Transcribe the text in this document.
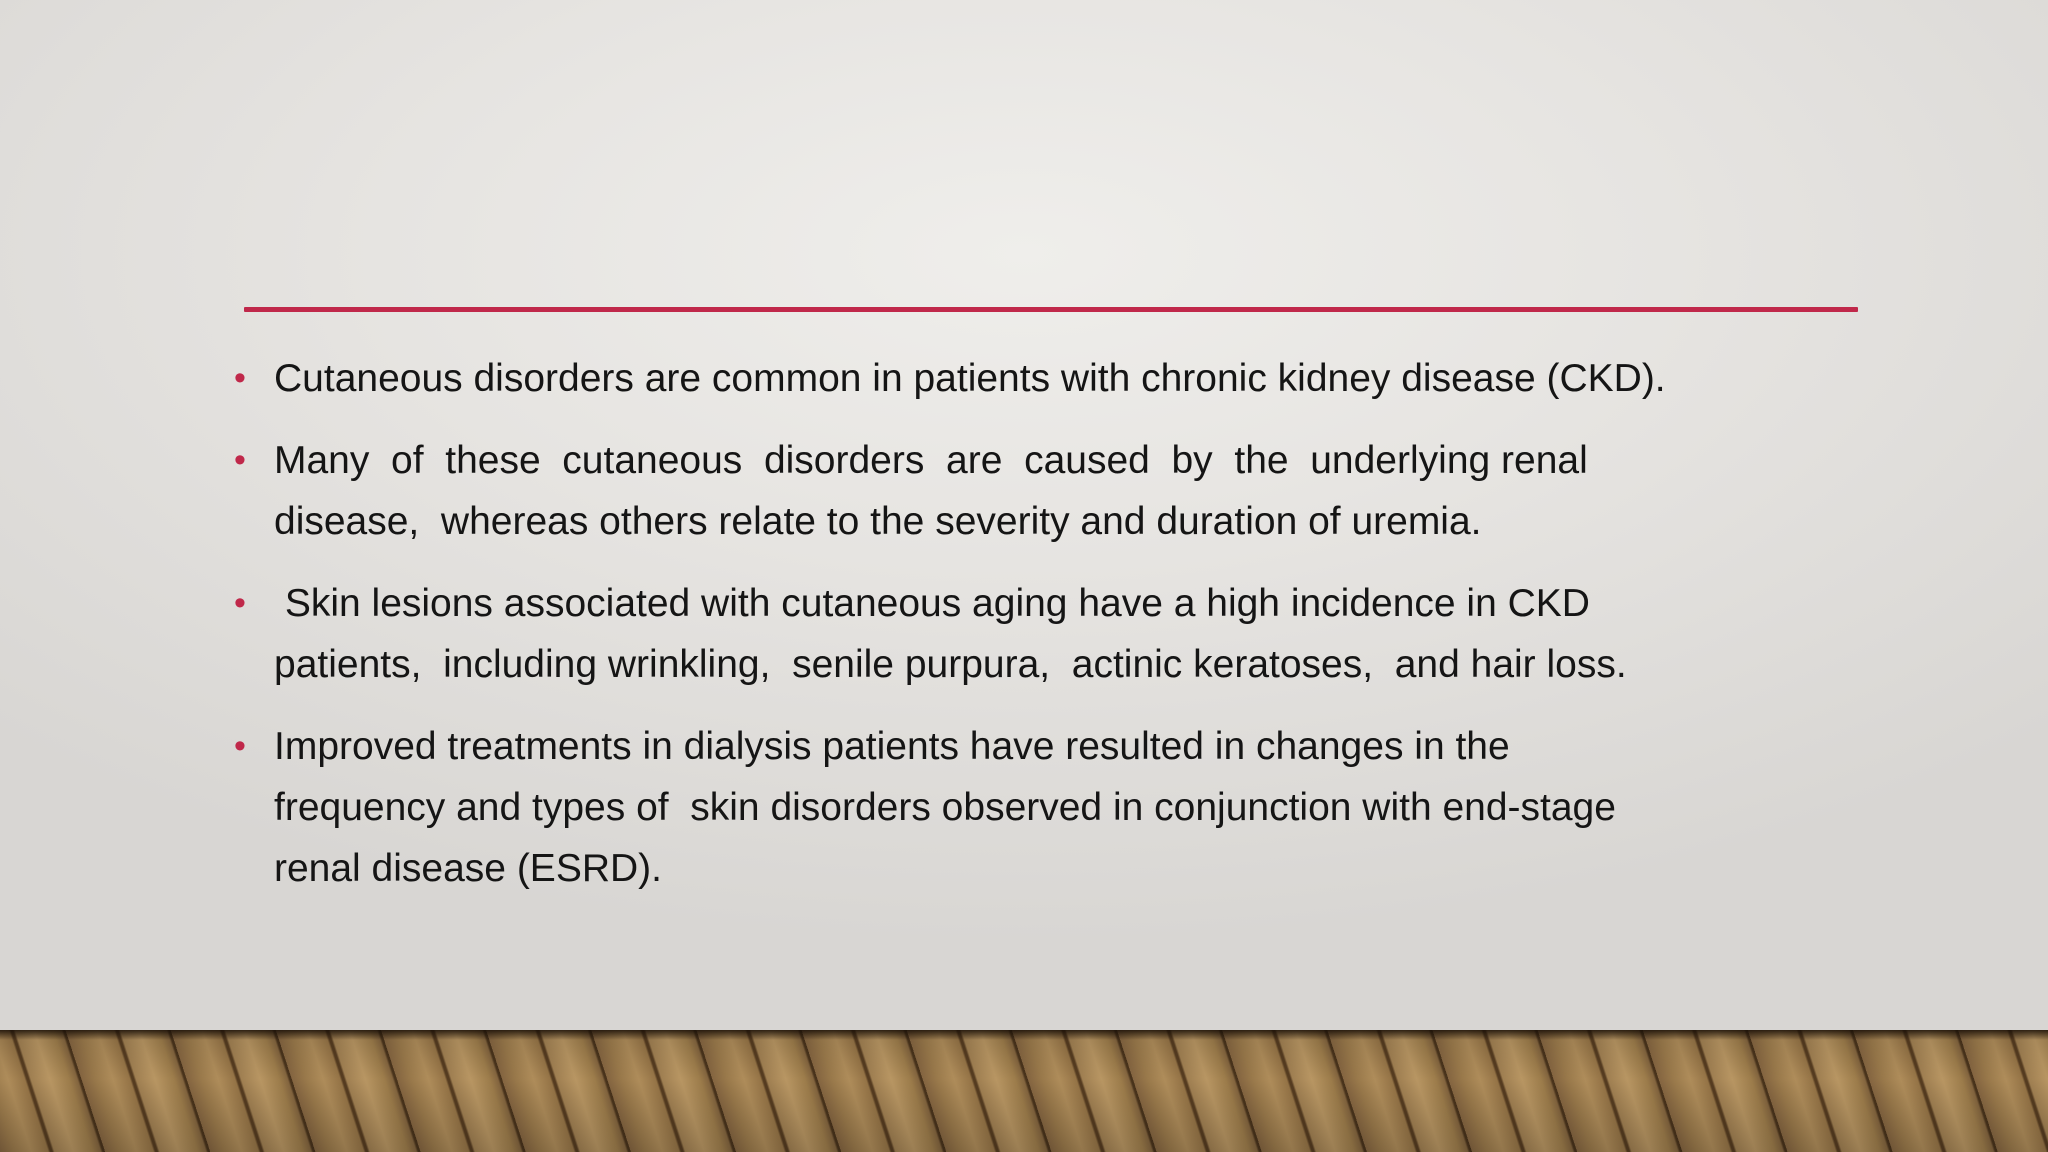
• Cutaneous disorders are common in patients with chronic kidney disease (CKD).
• Many  of  these  cutaneous  disorders  are  caused  by  the  underlying renal
disease,  whereas others relate to the severity and duration of uremia.
• Skin lesions associated with cutaneous aging have a high incidence in CKD
patients,  including wrinkling,  senile purpura,  actinic keratoses,  and hair loss.
• Improved treatments in dialysis patients have resulted in changes in the
frequency and types of  skin disorders observed in conjunction with end-stage
renal disease (ESRD).
